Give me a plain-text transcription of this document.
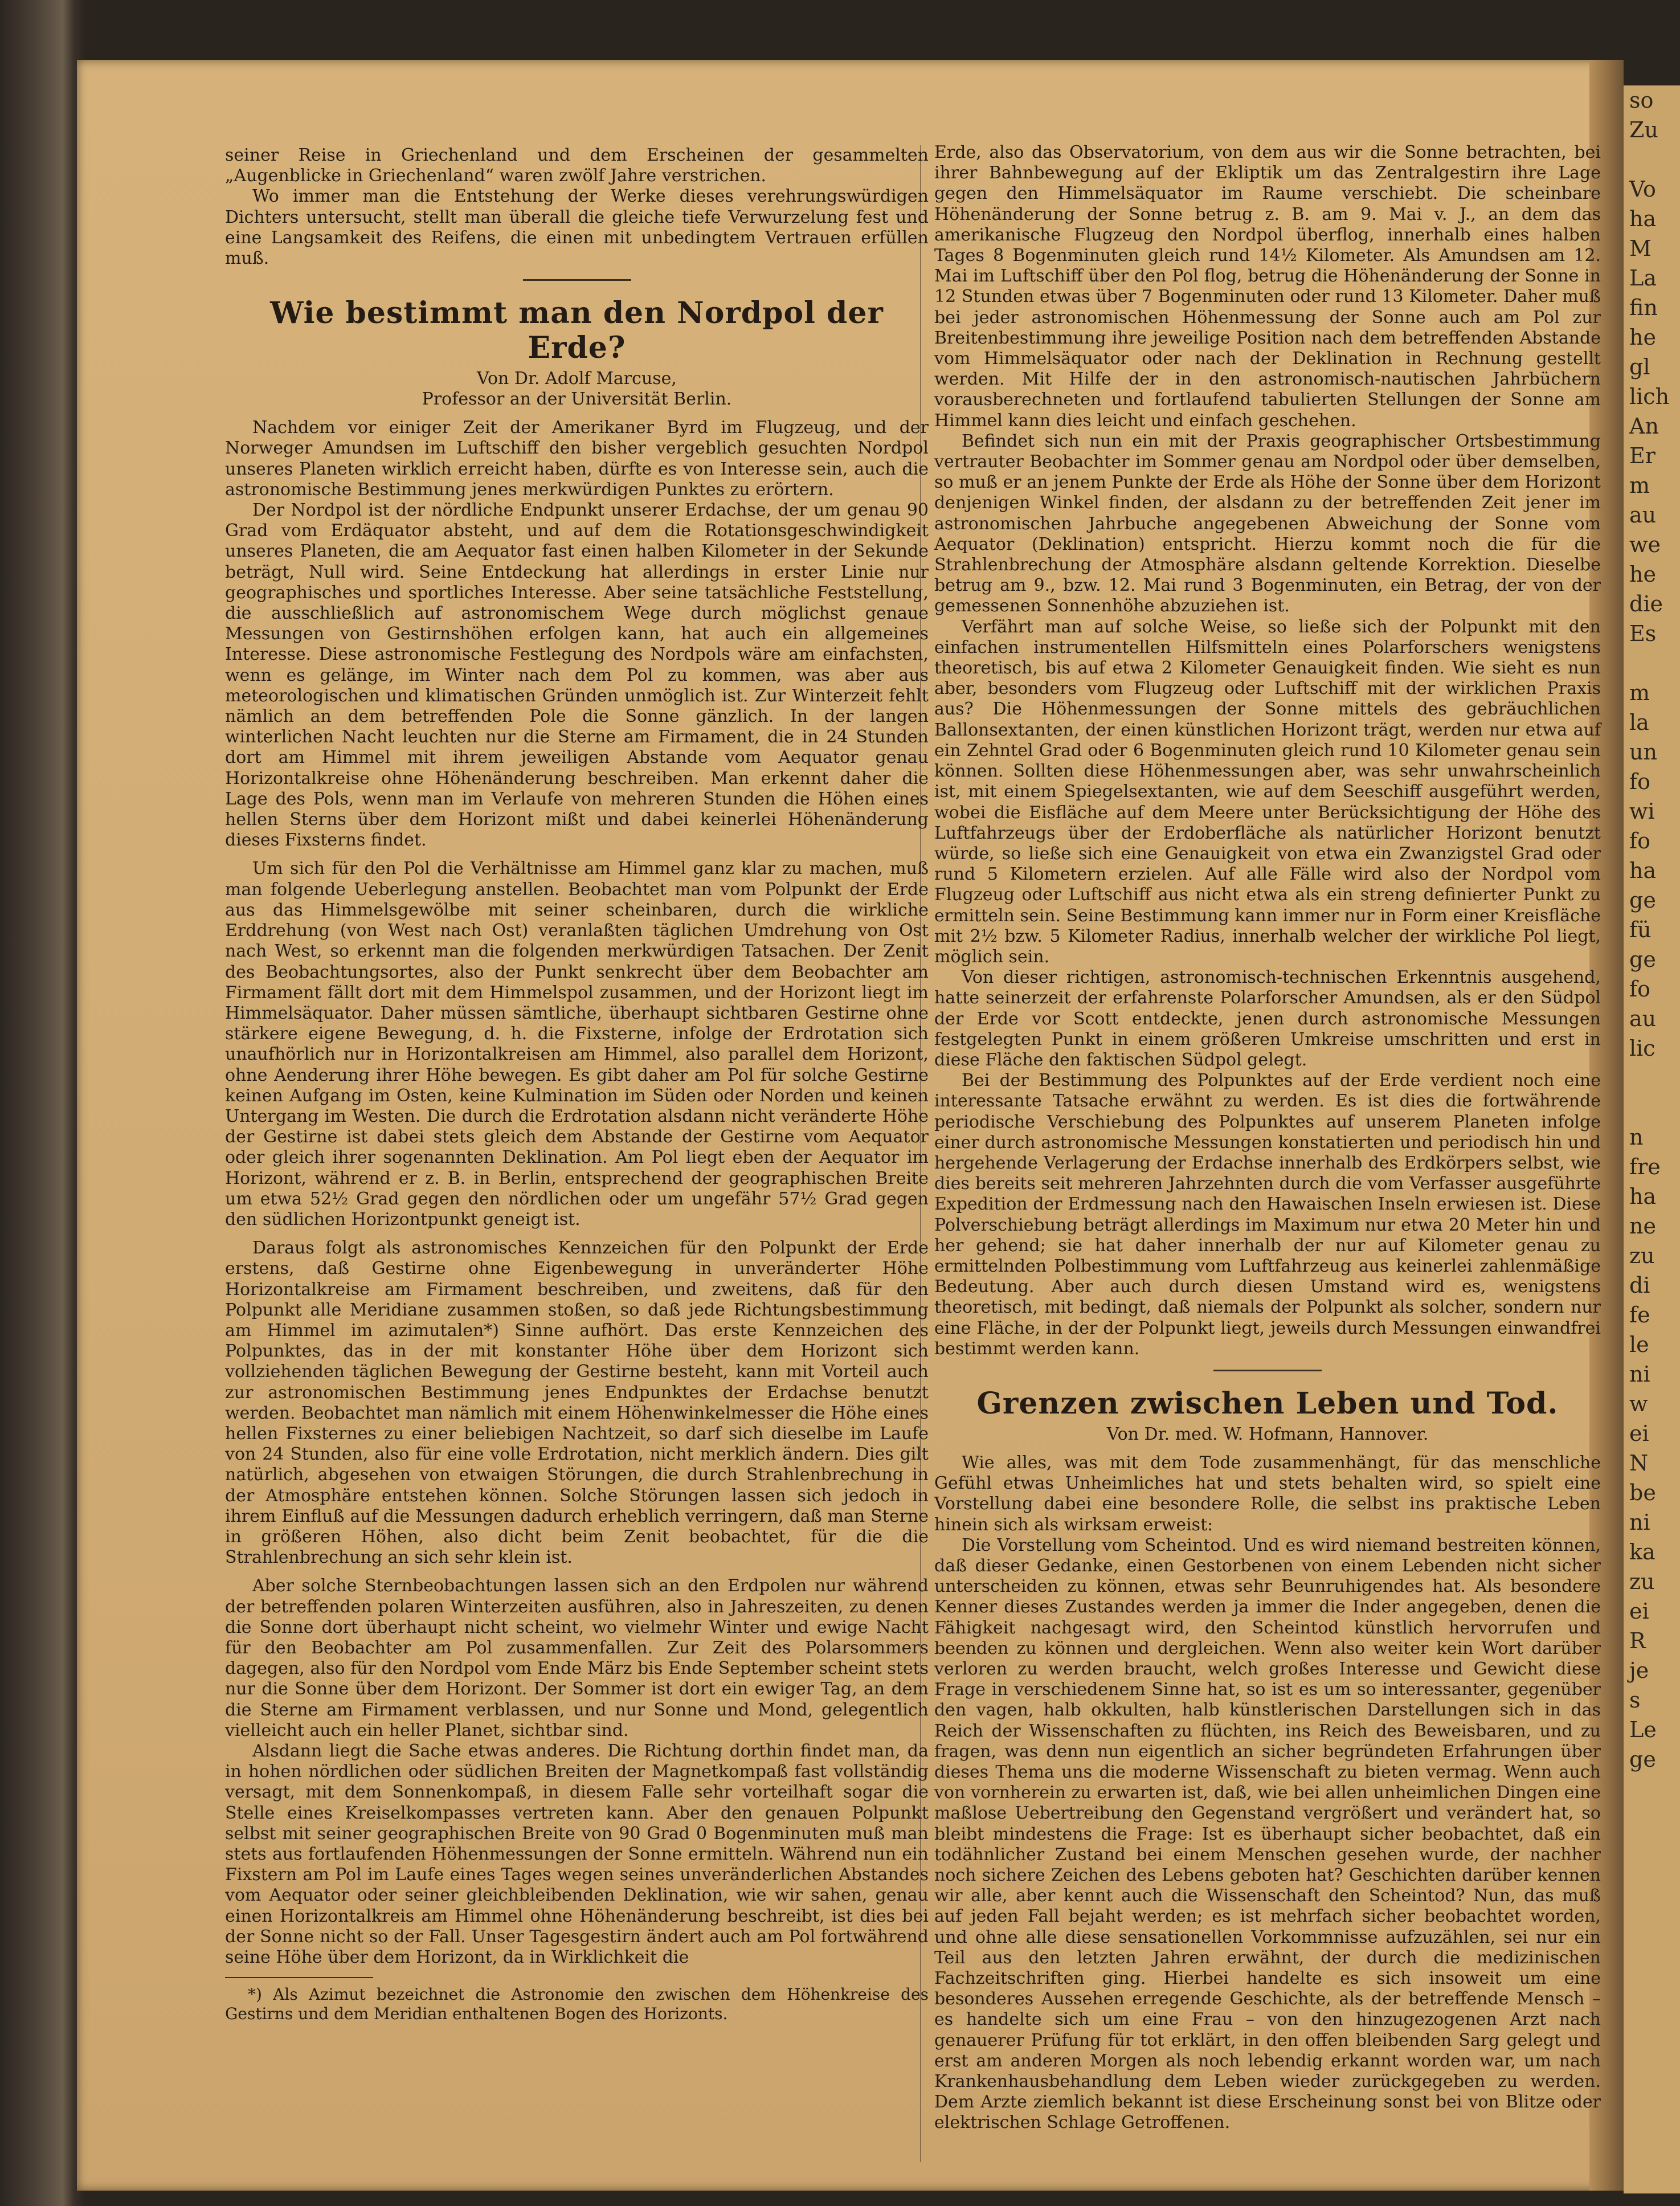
so
Zu

Vo
ha
M
La
fin
he
gl
lich
An
Er
m
au
we
he
die
Es

m
la
un
fo
wi
fo
ha
ge
fü
ge
fo
au
lic

n
fre
ha
ne
zu
di
fe
le
ni
w
ei
N
be
ni
ka
zu
ei
R
je
s
Le
ge

seiner Reise in Griechenland und dem Erscheinen der gesammelten „Augenblicke in Griechenland“ waren zwölf Jahre verstrichen.

Wo immer man die Entstehung der Werke dieses verehrungswürdigen Dichters untersucht, stellt man überall die gleiche tiefe Verwurzelung fest und eine Langsamkeit des Reifens, die einen mit unbedingtem Vertrauen erfüllen muß.

Wie bestimmt man den Nordpol der Erde?

Von Dr. Adolf Marcuse,

Professor an der Universität Berlin.

Nachdem vor einiger Zeit der Amerikaner Byrd im Flugzeug, und der Norweger Amundsen im Luftschiff den bisher vergeblich gesuchten Nordpol unseres Planeten wirklich erreicht haben, dürfte es von Interesse sein, auch die astronomische Bestimmung jenes merkwürdigen Punktes zu erörtern.

Der Nordpol ist der nördliche Endpunkt unserer Erdachse, der um genau 90 Grad vom Erdäquator absteht, und auf dem die Rotationsgeschwindigkeit unseres Planeten, die am Aequator fast einen halben Kilometer in der Sekunde beträgt, Null wird. Seine Entdeckung hat allerdings in erster Linie nur geographisches und sportliches Interesse. Aber seine tatsächliche Feststellung, die ausschließlich auf astronomischem Wege durch möglichst genaue Messungen von Gestirnshöhen erfolgen kann, hat auch ein allgemeines Interesse. Diese astronomische Festlegung des Nordpols wäre am einfachsten, wenn es gelänge, im Winter nach dem Pol zu kommen, was aber aus meteorologischen und klimatischen Gründen unmöglich ist. Zur Winterzeit fehlt nämlich an dem betreffenden Pole die Sonne gänzlich. In der langen winterlichen Nacht leuchten nur die Sterne am Firmament, die in 24 Stunden dort am Himmel mit ihrem jeweiligen Abstande vom Aequator genau Horizontalkreise ohne Höhenänderung beschreiben. Man erkennt daher die Lage des Pols, wenn man im Verlaufe von mehreren Stunden die Höhen eines hellen Sterns über dem Horizont mißt und dabei keinerlei Höhenänderung dieses Fixsterns findet.

Um sich für den Pol die Verhältnisse am Himmel ganz klar zu machen, muß man folgende Ueberlegung anstellen. Beobachtet man vom Polpunkt der Erde aus das Himmelsgewölbe mit seiner scheinbaren, durch die wirkliche Erddrehung (von West nach Ost) veranlaßten täglichen Umdrehung von Ost nach West, so erkennt man die folgenden merkwürdigen Tatsachen. Der Zenit des Beobachtungsortes, also der Punkt senkrecht über dem Beobachter am Firmament fällt dort mit dem Himmelspol zusammen, und der Horizont liegt im Himmelsäquator. Daher müssen sämtliche, überhaupt sichtbaren Gestirne ohne stärkere eigene Bewegung, d. h. die Fixsterne, infolge der Erdrotation sich unaufhörlich nur in Horizontalkreisen am Himmel, also parallel dem Horizont, ohne Aenderung ihrer Höhe bewegen. Es gibt daher am Pol für solche Gestirne keinen Aufgang im Osten, keine Kulmination im Süden oder Norden und keinen Untergang im Westen. Die durch die Erdrotation alsdann nicht veränderte Höhe der Gestirne ist dabei stets gleich dem Abstande der Gestirne vom Aequator oder gleich ihrer sogenannten Deklination. Am Pol liegt eben der Aequator im Horizont, während er z. B. in Berlin, entsprechend der geographischen Breite um etwa 52½ Grad gegen den nördlichen oder um ungefähr 57½ Grad gegen den südlichen Horizontpunkt geneigt ist.

Daraus folgt als astronomisches Kennzeichen für den Polpunkt der Erde erstens, daß Gestirne ohne Eigenbewegung in unveränderter Höhe Horizontalkreise am Firmament beschreiben, und zweitens, daß für den Polpunkt alle Meridiane zusammen stoßen, so daß jede Richtungsbestimmung am Himmel im azimutalen*) Sinne aufhört. Das erste Kennzeichen des Polpunktes, das in der mit konstanter Höhe über dem Horizont sich vollziehenden täglichen Bewegung der Gestirne besteht, kann mit Vorteil auch zur astronomischen Bestimmung jenes Endpunktes der Erdachse benutzt werden. Beobachtet man nämlich mit einem Höhenwinkelmesser die Höhe eines hellen Fixsternes zu einer beliebigen Nachtzeit, so darf sich dieselbe im Laufe von 24 Stunden, also für eine volle Erdrotation, nicht merklich ändern. Dies gilt natürlich, abgesehen von etwaigen Störungen, die durch Strahlenbrechung in der Atmosphäre entstehen können. Solche Störungen lassen sich jedoch in ihrem Einfluß auf die Messungen dadurch erheblich verringern, daß man Sterne in größeren Höhen, also dicht beim Zenit beobachtet, für die die Strahlenbrechung an sich sehr klein ist.

Aber solche Sternbeobachtungen lassen sich an den Erdpolen nur während der betreffenden polaren Winterzeiten ausführen, also in Jahreszeiten, zu denen die Sonne dort überhaupt nicht scheint, wo vielmehr Winter und ewige Nacht für den Beobachter am Pol zusammenfallen. Zur Zeit des Polarsommers dagegen, also für den Nordpol vom Ende März bis Ende September scheint stets nur die Sonne über dem Horizont. Der Sommer ist dort ein ewiger Tag, an dem die Sterne am Firmament verblassen, und nur Sonne und Mond, gelegentlich vielleicht auch ein heller Planet, sichtbar sind.

Alsdann liegt die Sache etwas anderes. Die Richtung dorthin findet man, da in hohen nördlichen oder südlichen Breiten der Magnetkompaß fast vollständig versagt, mit dem Sonnenkompaß, in diesem Falle sehr vorteilhaft sogar die Stelle eines Kreiselkompasses vertreten kann. Aber den genauen Polpunkt selbst mit seiner geographischen Breite von 90 Grad 0 Bogenminuten muß man stets aus fortlaufenden Höhenmessungen der Sonne ermitteln. Während nun ein Fixstern am Pol im Laufe eines Tages wegen seines unveränderlichen Abstandes vom Aequator oder seiner gleichbleibenden Deklination, wie wir sahen, genau einen Horizontalkreis am Himmel ohne Höhenänderung beschreibt, ist dies bei der Sonne nicht so der Fall. Unser Tagesgestirn ändert auch am Pol fortwährend seine Höhe über dem Horizont, da in Wirklichkeit die

*) Als Azimut bezeichnet die Astronomie den zwischen dem Höhenkreise des Gestirns und dem Meridian enthaltenen Bogen des Horizonts.

Erde, also das Observatorium, von dem aus wir die Sonne betrachten, bei ihrer Bahnbewegung auf der Ekliptik um das Zentralgestirn ihre Lage gegen den Himmelsäquator im Raume verschiebt. Die scheinbare Höhenänderung der Sonne betrug z. B. am 9. Mai v. J., an dem das amerikanische Flugzeug den Nordpol überflog, innerhalb eines halben Tages 8 Bogenminuten gleich rund 14½ Kilometer. Als Amundsen am 12. Mai im Luftschiff über den Pol flog, betrug die Höhenänderung der Sonne in 12 Stunden etwas über 7 Bogenminuten oder rund 13 Kilometer. Daher muß bei jeder astronomischen Höhenmessung der Sonne auch am Pol zur Breitenbestimmung ihre jeweilige Position nach dem betreffenden Abstande vom Himmelsäquator oder nach der Deklination in Rechnung gestellt werden. Mit Hilfe der in den astronomisch-nautischen Jahrbüchern vorausberechneten und fortlaufend tabulierten Stellungen der Sonne am Himmel kann dies leicht und einfach geschehen.

Befindet sich nun ein mit der Praxis geographischer Ortsbestimmung vertrauter Beobachter im Sommer genau am Nordpol oder über demselben, so muß er an jenem Punkte der Erde als Höhe der Sonne über dem Horizont denjenigen Winkel finden, der alsdann zu der betreffenden Zeit jener im astronomischen Jahrbuche angegebenen Abweichung der Sonne vom Aequator (Deklination) entspricht. Hierzu kommt noch die für die Strahlenbrechung der Atmosphäre alsdann geltende Korrektion. Dieselbe betrug am 9., bzw. 12. Mai rund 3 Bogenminuten, ein Betrag, der von der gemessenen Sonnenhöhe abzuziehen ist.

Verfährt man auf solche Weise, so ließe sich der Polpunkt mit den einfachen instrumentellen Hilfsmitteln eines Polarforschers wenigstens theoretisch, bis auf etwa 2 Kilometer Genauigkeit finden. Wie sieht es nun aber, besonders vom Flugzeug oder Luftschiff mit der wirklichen Praxis aus? Die Höhenmessungen der Sonne mittels des gebräuchlichen Ballonsextanten, der einen künstlichen Horizont trägt, werden nur etwa auf ein Zehntel Grad oder 6 Bogenminuten gleich rund 10 Kilometer genau sein können. Sollten diese Höhenmessungen aber, was sehr unwahrscheinlich ist, mit einem Spiegelsextanten, wie auf dem Seeschiff ausgeführt werden, wobei die Eisfläche auf dem Meere unter Berücksichtigung der Höhe des Luftfahrzeugs über der Erdoberfläche als natürlicher Horizont benutzt würde, so ließe sich eine Genauigkeit von etwa ein Zwanzigstel Grad oder rund 5 Kilometern erzielen. Auf alle Fälle wird also der Nordpol vom Flugzeug oder Luftschiff aus nicht etwa als ein streng definierter Punkt zu ermitteln sein. Seine Bestimmung kann immer nur in Form einer Kreisfläche mit 2½ bzw. 5 Kilometer Radius, innerhalb welcher der wirkliche Pol liegt, möglich sein.

Von dieser richtigen, astronomisch-technischen Erkenntnis ausgehend, hatte seinerzeit der erfahrenste Polarforscher Amundsen, als er den Südpol der Erde vor Scott entdeckte, jenen durch astronomische Messungen festgelegten Punkt in einem größeren Umkreise umschritten und erst in diese Fläche den faktischen Südpol gelegt.

Bei der Bestimmung des Polpunktes auf der Erde verdient noch eine interessante Tatsache erwähnt zu werden. Es ist dies die fortwährende periodische Verschiebung des Polpunktes auf unserem Planeten infolge einer durch astronomische Messungen konstatierten und periodisch hin und hergehende Verlagerung der Erdachse innerhalb des Erdkörpers selbst, wie dies bereits seit mehreren Jahrzehnten durch die vom Verfasser ausgeführte Expedition der Erdmessung nach den Hawaischen Inseln erwiesen ist. Diese Polverschiebung beträgt allerdings im Maximum nur etwa 20 Meter hin und her gehend; sie hat daher innerhalb der nur auf Kilometer genau zu ermittelnden Polbestimmung vom Luftfahrzeug aus keinerlei zahlenmäßige Bedeutung. Aber auch durch diesen Umstand wird es, wenigstens theoretisch, mit bedingt, daß niemals der Polpunkt als solcher, sondern nur eine Fläche, in der der Polpunkt liegt, jeweils durch Messungen einwandfrei bestimmt werden kann.

Grenzen zwischen Leben und Tod.

Von Dr. med. W. Hofmann, Hannover.

Wie alles, was mit dem Tode zusammenhängt, für das menschliche Gefühl etwas Unheimliches hat und stets behalten wird, so spielt eine Vorstellung dabei eine besondere Rolle, die selbst ins praktische Leben hinein sich als wirksam erweist:

Die Vorstellung vom Scheintod. Und es wird niemand bestreiten können, daß dieser Gedanke, einen Gestorbenen von einem Lebenden nicht sicher unterscheiden zu können, etwas sehr Beunruhigendes hat. Als besondere Kenner dieses Zustandes werden ja immer die Inder angegeben, denen die Fähigkeit nachgesagt wird, den Scheintod künstlich hervorrufen und beenden zu können und dergleichen. Wenn also weiter kein Wort darüber verloren zu werden braucht, welch großes Interesse und Gewicht diese Frage in verschiedenem Sinne hat, so ist es um so interessanter, gegenüber den vagen, halb okkulten, halb künstlerischen Darstellungen sich in das Reich der Wissenschaften zu flüchten, ins Reich des Beweisbaren, und zu fragen, was denn nun eigentlich an sicher begründeten Erfahrungen über dieses Thema uns die moderne Wissenschaft zu bieten vermag. Wenn auch von vornherein zu erwarten ist, daß, wie bei allen unheimlichen Dingen eine maßlose Uebertreibung den Gegenstand vergrößert und verändert hat, so bleibt mindestens die Frage: Ist es überhaupt sicher beobachtet, daß ein todähnlicher Zustand bei einem Menschen gesehen wurde, der nachher noch sichere Zeichen des Lebens geboten hat? Geschichten darüber kennen wir alle, aber kennt auch die Wissenschaft den Scheintod? Nun, das muß auf jeden Fall bejaht werden; es ist mehrfach sicher beobachtet worden, und ohne alle diese sensationellen Vorkommnisse aufzuzählen, sei nur ein Teil aus den letzten Jahren erwähnt, der durch die medizinischen Fachzeitschriften ging. Hierbei handelte es sich insoweit um eine besonderes Aussehen erregende Geschichte, als der betreffende Mensch – es handelte sich um eine Frau – von den hinzugezogenen Arzt nach genauerer Prüfung für tot erklärt, in den offen bleibenden Sarg gelegt und erst am anderen Morgen als noch lebendig erkannt worden war, um nach Krankenhausbehandlung dem Leben wieder zurückgegeben zu werden. Dem Arzte ziemlich bekannt ist diese Erscheinung sonst bei von Blitze oder elektrischen Schlage Getroffenen.
